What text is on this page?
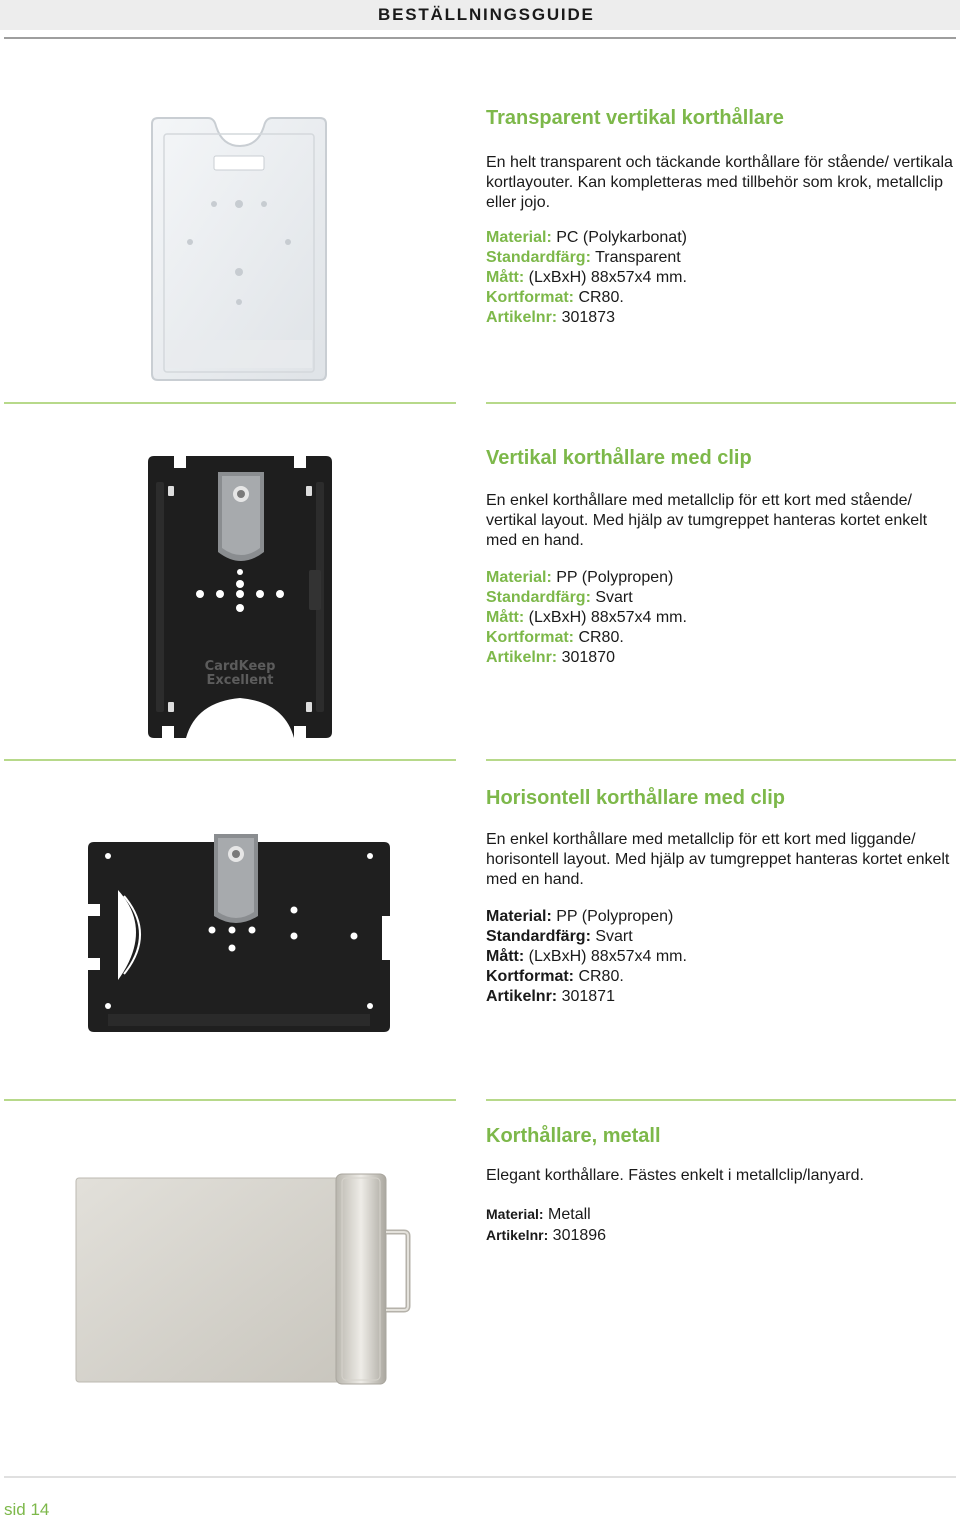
BESTÄLLNINGSGUIDE
Transparent vertikal korthållare
En helt transparent och täckande korthållare för stående/ vertikala kortlayouter. Kan kompletteras med tillbehör som krok, metallclip eller jojo.
Material: PC (Polykarbonat)
Standardfärg: Transparent
Mått: (LxBxH) 88x57x4 mm.
Kortformat: CR80.
Artikelnr: 301873
CardKeep
Excellent
Vertikal korthållare med clip
En enkel korthållare med metallclip för ett kort med stående/ vertikal layout. Med hjälp av tumgreppet hanteras kortet enkelt med en hand.
Material: PP (Polypropen)
Standardfärg: Svart
Mått: (LxBxH) 88x57x4 mm.
Kortformat: CR80.
Artikelnr: 301870
Horisontell korthållare med clip
En enkel korthållare med metallclip för ett kort med liggande/ horisontell layout. Med hjälp av tumgreppet hanteras kortet enkelt med en hand.
Material: PP (Polypropen)
Standardfärg: Svart
Mått: (LxBxH) 88x57x4 mm.
Kortformat: CR80.
Artikelnr: 301871
Korthållare, metall
Elegant korthållare. Fästes enkelt i metallclip/lanyard.
Material: Metall
Artikelnr: 301896
sid 14
